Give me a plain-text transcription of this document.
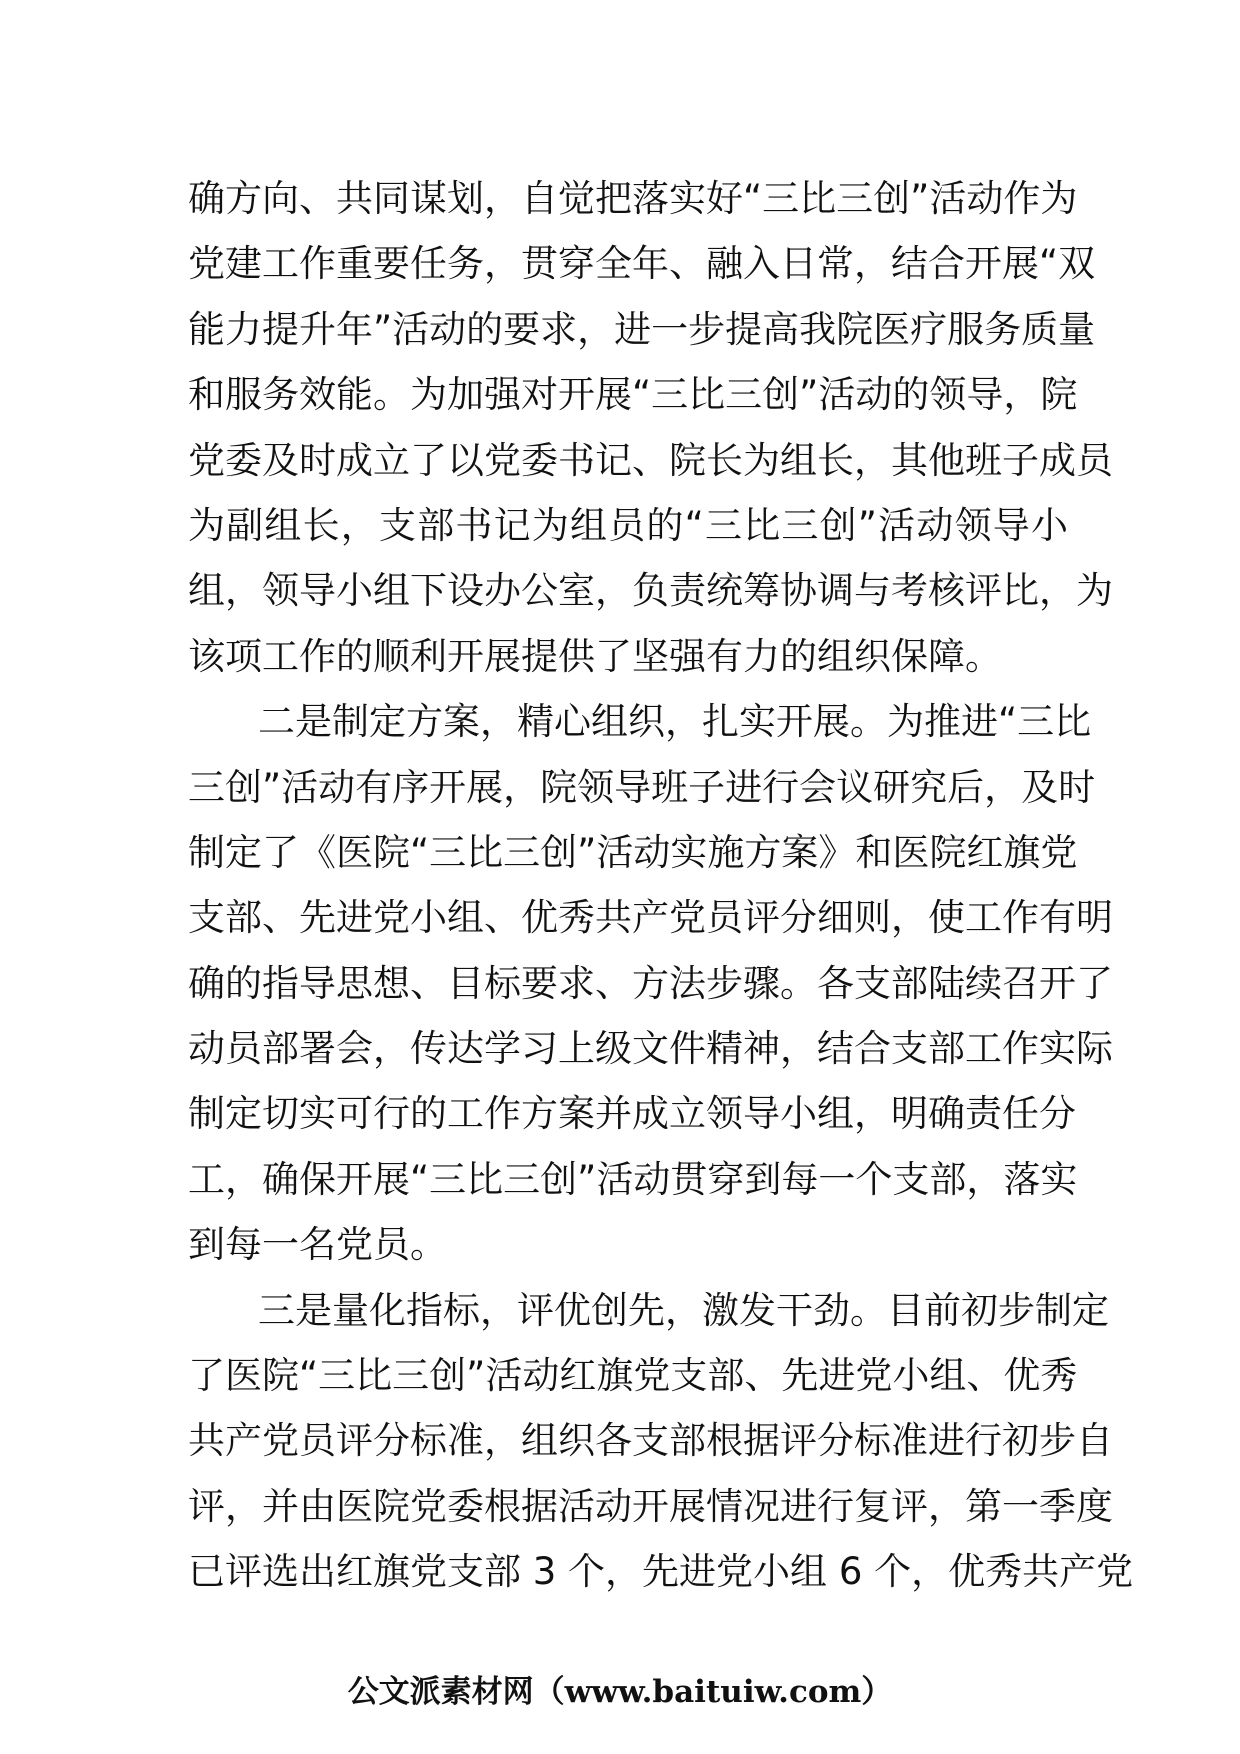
确方向、共同谋划，自觉把落实好“三比三创”活动作为
党建工作重要任务，贯穿全年、融入日常，结合开展“双
能力提升年”活动的要求，进一步提高我院医疗服务质量
和服务效能。为加强对开展“三比三创”活动的领导，院
党委及时成立了以党委书记、院长为组长，其他班子成员
为副组长，支部书记为组员的“三比三创”活动领导小
组，领导小组下设办公室，负责统筹协调与考核评比，为
该项工作的顺利开展提供了坚强有力的组织保障。
二是制定方案，精心组织，扎实开展。为推进“三比
三创”活动有序开展，院领导班子进行会议研究后，及时
制定了《医院“三比三创”活动实施方案》和医院红旗党
支部、先进党小组、优秀共产党员评分细则，使工作有明
确的指导思想、目标要求、方法步骤。各支部陆续召开了
动员部署会，传达学习上级文件精神，结合支部工作实际
制定切实可行的工作方案并成立领导小组，明确责任分
工，确保开展“三比三创”活动贯穿到每一个支部，落实
到每一名党员。
三是量化指标，评优创先，激发干劲。目前初步制定
了医院“三比三创”活动红旗党支部、先进党小组、优秀
共产党员评分标准，组织各支部根据评分标准进行初步自
评，并由医院党委根据活动开展情况进行复评，第一季度
已评选出红旗党支部 3 个，先进党小组 6 个，优秀共产党
公文派素材网（www.baituiw.com）
